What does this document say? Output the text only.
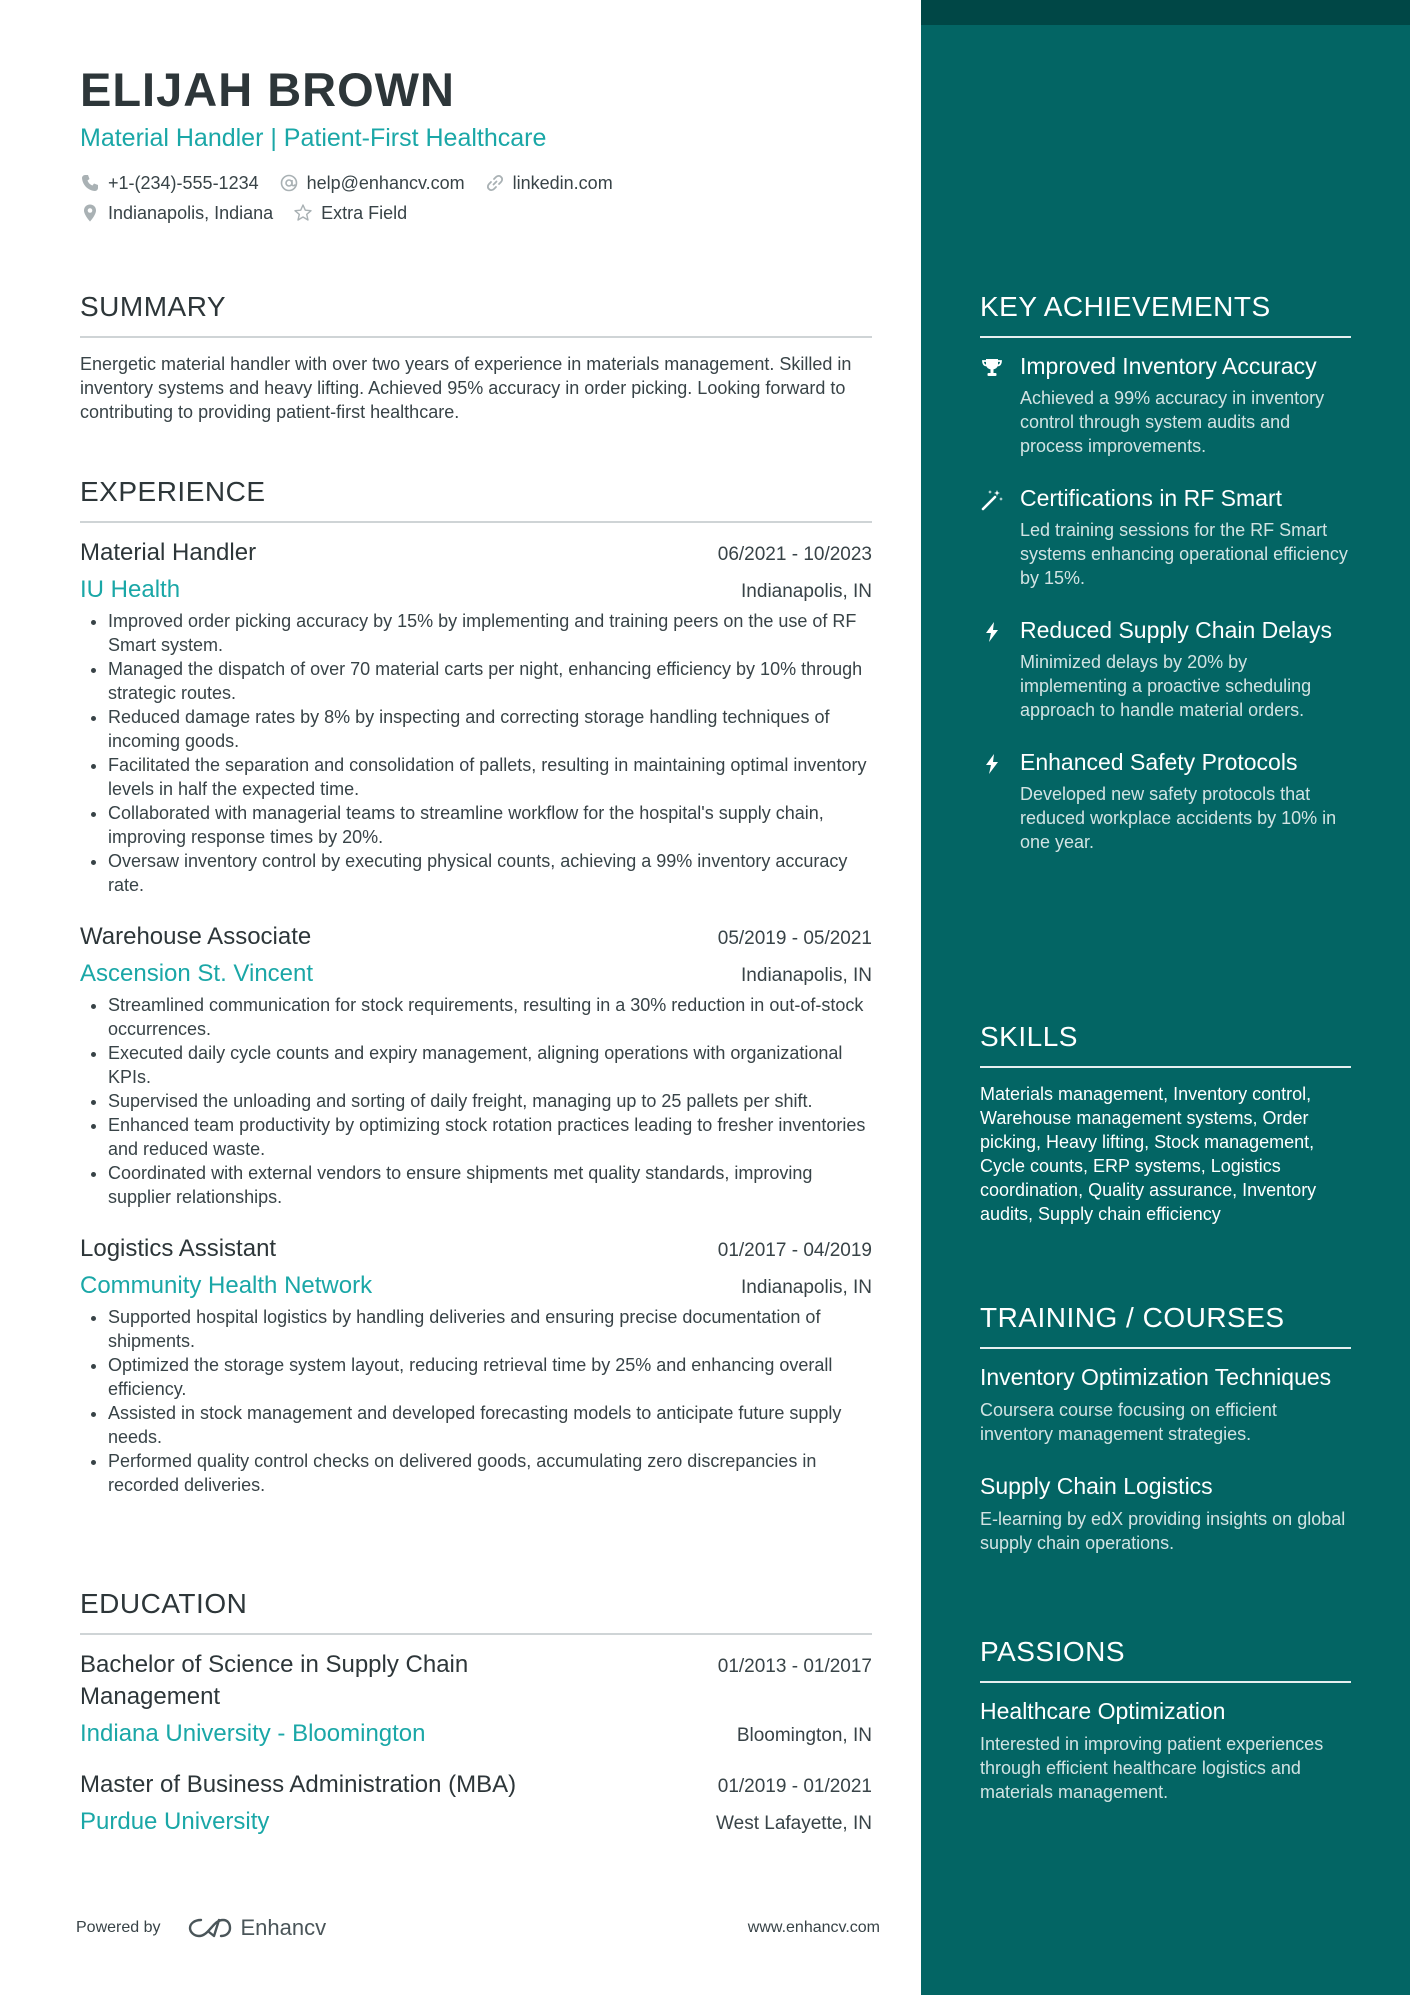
ELIJAH BROWN
Material Handler | Patient-First Healthcare
+1-(234)-555-1234	help@enhancv.com	linkedin.com
Indianapolis, Indiana	Extra Field
SUMMARY
Energetic material handler with over two years of experience in materials management. Skilled in inventory systems and heavy lifting. Achieved 95% accuracy in order picking. Looking forward to contributing to providing patient-first healthcare.
EXPERIENCE
Material Handler	06/2021 - 10/2023
IU Health	Indianapolis, IN
• Improved order picking accuracy by 15% by implementing and training peers on the use of RF Smart system.
• Managed the dispatch of over 70 material carts per night, enhancing efficiency by 10% through strategic routes.
• Reduced damage rates by 8% by inspecting and correcting storage handling techniques of incoming goods.
• Facilitated the separation and consolidation of pallets, resulting in maintaining optimal inventory levels in half the expected time.
• Collaborated with managerial teams to streamline workflow for the hospital's supply chain, improving response times by 20%.
• Oversaw inventory control by executing physical counts, achieving a 99% inventory accuracy rate.
Warehouse Associate	05/2019 - 05/2021
Ascension St. Vincent	Indianapolis, IN
• Streamlined communication for stock requirements, resulting in a 30% reduction in out-of-stock occurrences.
• Executed daily cycle counts and expiry management, aligning operations with organizational KPIs.
• Supervised the unloading and sorting of daily freight, managing up to 25 pallets per shift.
• Enhanced team productivity by optimizing stock rotation practices leading to fresher inventories and reduced waste.
• Coordinated with external vendors to ensure shipments met quality standards, improving supplier relationships.
Logistics Assistant	01/2017 - 04/2019
Community Health Network	Indianapolis, IN
• Supported hospital logistics by handling deliveries and ensuring precise documentation of shipments.
• Optimized the storage system layout, reducing retrieval time by 25% and enhancing overall efficiency.
• Assisted in stock management and developed forecasting models to anticipate future supply needs.
• Performed quality control checks on delivered goods, accumulating zero discrepancies in recorded deliveries.
EDUCATION
Bachelor of Science in Supply Chain Management
01/2013 - 01/2017
Indiana University - Bloomington	Bloomington, IN
Master of Business Administration (MBA)	01/2019 - 01/2021
Purdue University	West Lafayette, IN
Powered by	Enhancv	www.enhancv.com
KEY ACHIEVEMENTS
Improved Inventory Accuracy
Achieved a 99% accuracy in inventory control through system audits and process improvements.
Certifications in RF Smart
Led training sessions for the RF Smart systems enhancing operational efficiency by 15%.
Reduced Supply Chain Delays
Minimized delays by 20% by implementing a proactive scheduling approach to handle material orders.
Enhanced Safety Protocols
Developed new safety protocols that reduced workplace accidents by 10% in one year.
SKILLS
Materials management, Inventory control, Warehouse management systems, Order picking, Heavy lifting, Stock management, Cycle counts, ERP systems, Logistics coordination, Quality assurance, Inventory audits, Supply chain efficiency
TRAINING / COURSES
Inventory Optimization Techniques
Coursera course focusing on efficient inventory management strategies.
Supply Chain Logistics
E-learning by edX providing insights on global supply chain operations.
PASSIONS
Healthcare Optimization
Interested in improving patient experiences through efficient healthcare logistics and materials management.
